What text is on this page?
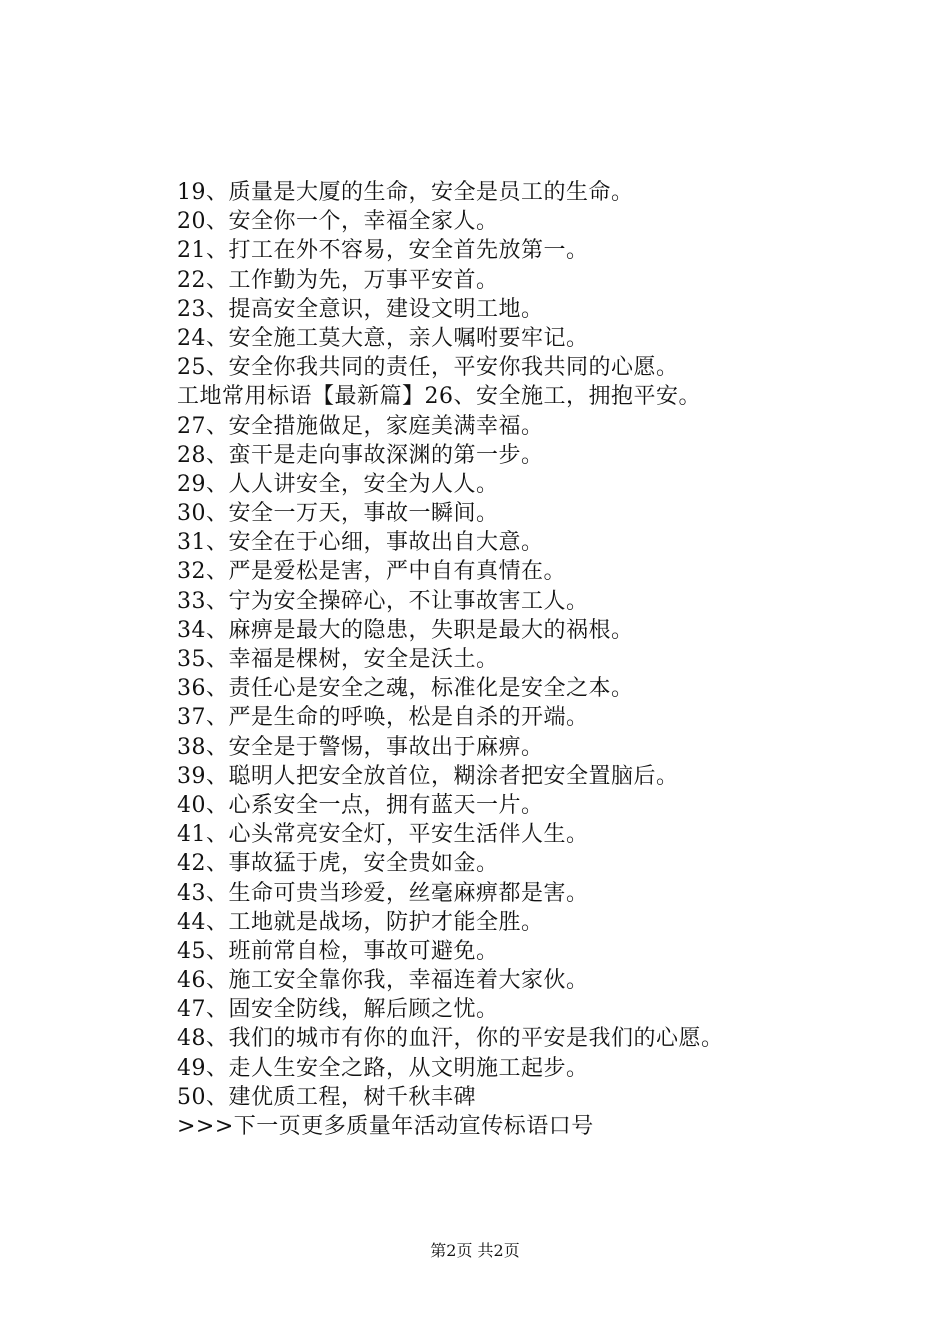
19、质量是大厦的生命，安全是员工的生命。
20、安全你一个，幸福全家人。
21、打工在外不容易，安全首先放第一。
22、工作勤为先，万事平安首。
23、提高安全意识，建设文明工地。
24、安全施工莫大意，亲人嘱咐要牢记。
25、安全你我共同的责任，平安你我共同的心愿。
工地常用标语【最新篇】26、安全施工，拥抱平安。
27、安全措施做足，家庭美满幸福。
28、蛮干是走向事故深渊的第一步。
29、人人讲安全，安全为人人。
30、安全一万天，事故一瞬间。
31、安全在于心细，事故出自大意。
32、严是爱松是害，严中自有真情在。
33、宁为安全操碎心，不让事故害工人。
34、麻痹是最大的隐患，失职是最大的祸根。
35、幸福是棵树，安全是沃土。
36、责任心是安全之魂，标准化是安全之本。
37、严是生命的呼唤，松是自杀的开端。
38、安全是于警惕，事故出于麻痹。
39、聪明人把安全放首位，糊涂者把安全置脑后。
40、心系安全一点，拥有蓝天一片。
41、心头常亮安全灯，平安生活伴人生。
42、事故猛于虎，安全贵如金。
43、生命可贵当珍爱，丝毫麻痹都是害。
44、工地就是战场，防护才能全胜。
45、班前常自检，事故可避免。
46、施工安全靠你我，幸福连着大家伙。
47、固安全防线，解后顾之忧。
48、我们的城市有你的血汗，你的平安是我们的心愿。
49、走人生安全之路，从文明施工起步。
50、建优质工程，树千秋丰碑
>>>下一页更多质量年活动宣传标语口号
第2页 共2页
